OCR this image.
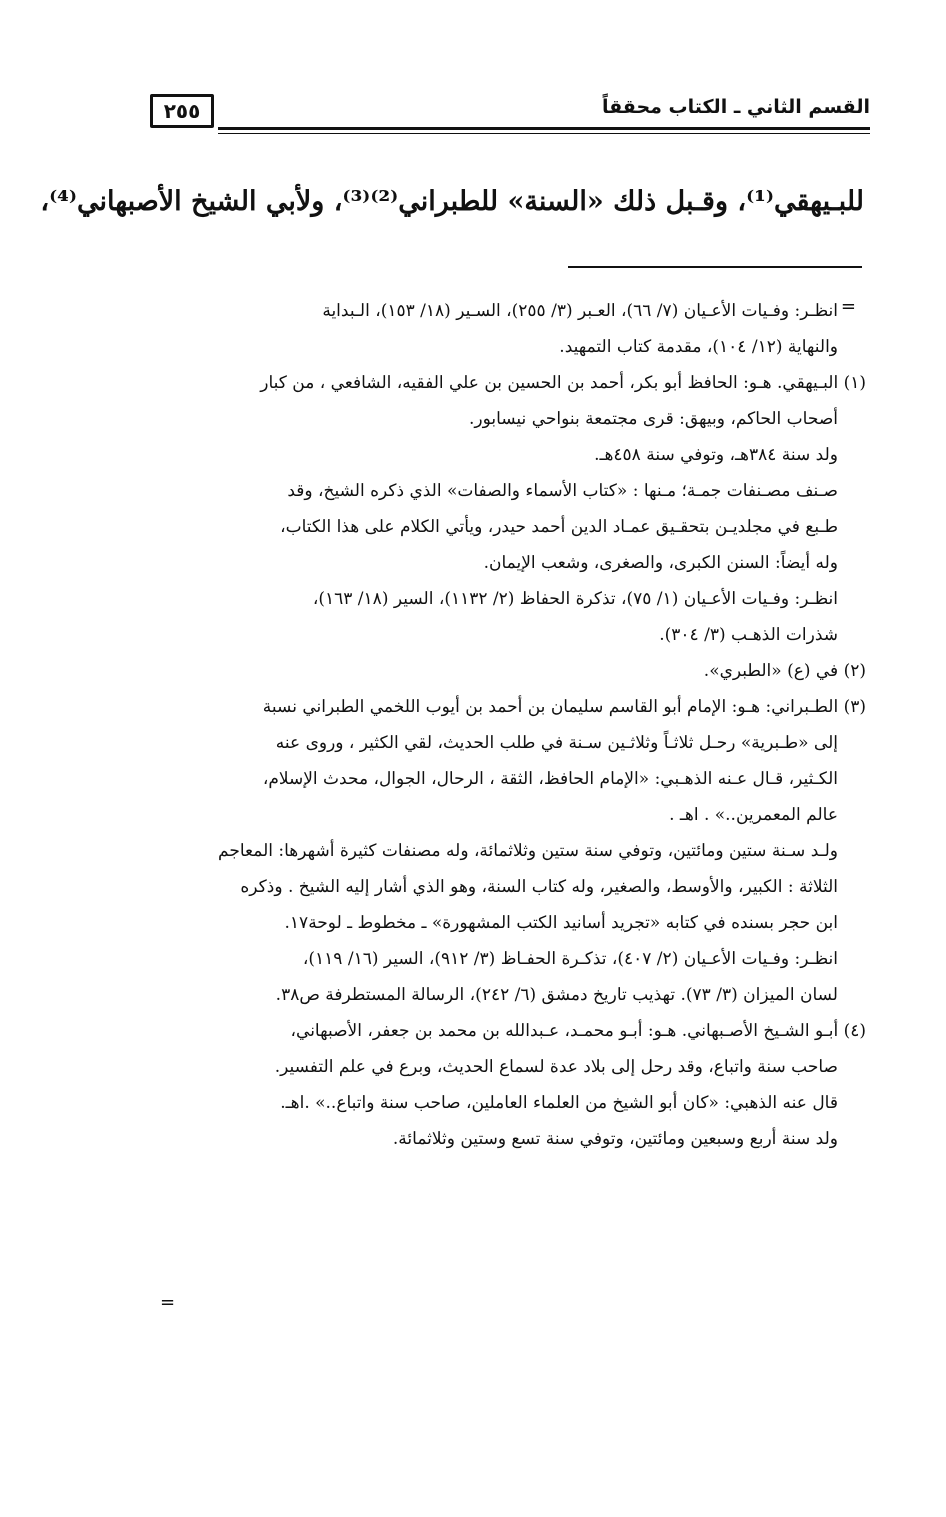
٢٥٥	القسم الثاني ـ الكتاب محققاً
للبـيهقي⁽¹⁾، وقـبل ذلك «السنة» للطبراني⁽²⁾⁽³⁾، ولأبي الشيخ الأصبهاني⁽⁴⁾،
=
انظـر: وفـيات الأعـيان (٧/ ٦٦)، العـبر (٣/ ٢٥٥)، السـير (١٨/ ١٥٣)، الـبداية
والنهاية (١٢/ ١٠٤)، مقدمة كتاب التمهيد.
(١) البـيهقي. هـو: الحافظ أبو بكر، أحمد بن الحسين بن علي الفقيه، الشافعي ، من كبار
أصحاب الحاكم، وبيهق: قرى مجتمعة بنواحي نيسابور.
ولد سنة ٣٨٤هـ، وتوفي سنة ٤٥٨هـ.
صـنف مصـنفات جمـة؛ مـنها : «كتاب الأسماء والصفات» الذي ذكره الشيخ، وقد
طـبع في مجلديـن بتحقـيق عمـاد الدين أحمد حيدر، ويأتي الكلام على هذا الكتاب،
وله أيضاً: السنن الكبرى، والصغرى، وشعب الإيمان.
انظـر: وفـيات الأعـيان (١/ ٧٥)، تذكرة الحفاظ (٢/ ١١٣٢)، السير (١٨/ ١٦٣)،
شذرات الذهـب (٣/ ٣٠٤).
(٢) في (ع) «الطبري».
(٣) الطـبراني: هـو: الإمام أبو القاسم سليمان بن أحمد بن أيوب اللخمي الطبراني نسبة
إلى «طـبرية» رحـل ثلاثـاً وثلاثـين سـنة في طلب الحديث، لقي الكثير ، وروى عنه
الكـثير، قـال عـنه الذهـبي: «الإمام الحافظ، الثقة ، الرحال، الجوال، محدث الإسلام،
عالم المعمرين..» . اهـ .
ولـد سـنة ستين ومائتين، وتوفي سنة ستين وثلاثمائة، وله مصنفات كثيرة أشهرها: المعاجم
الثلاثة : الكبير، والأوسط، والصغير، وله كتاب السنة، وهو الذي أشار إليه الشيخ . وذكره
ابن حجر بسنده في كتابه «تجريد أسانيد الكتب المشهورة» ـ مخطوط ـ لوحة١٧.
انظـر: وفـيات الأعـيان (٢/ ٤٠٧)، تذكـرة الحفـاظ (٣/ ٩١٢)، السير (١٦/ ١١٩)،
لسان الميزان (٣/ ٧٣). تهذيب تاريخ دمشق (٦/ ٢٤٢)، الرسالة المستطرفة ص٣٨.
(٤) أبـو الشـيخ الأصـبهاني. هـو: أبـو محمـد، عـبدالله بن محمد بن جعفر، الأصبهاني،
صاحب سنة واتباع، وقد رحل إلى بلاد عدة لسماع الحديث، وبرع في علم التفسير.
قال عنه الذهبي: «كان أبو الشيخ من العلماء العاملين، صاحب سنة واتباع..» .اهـ.
ولد سنة أربع وسبعين ومائتين، وتوفي سنة تسع وستين وثلاثمائة.
=
